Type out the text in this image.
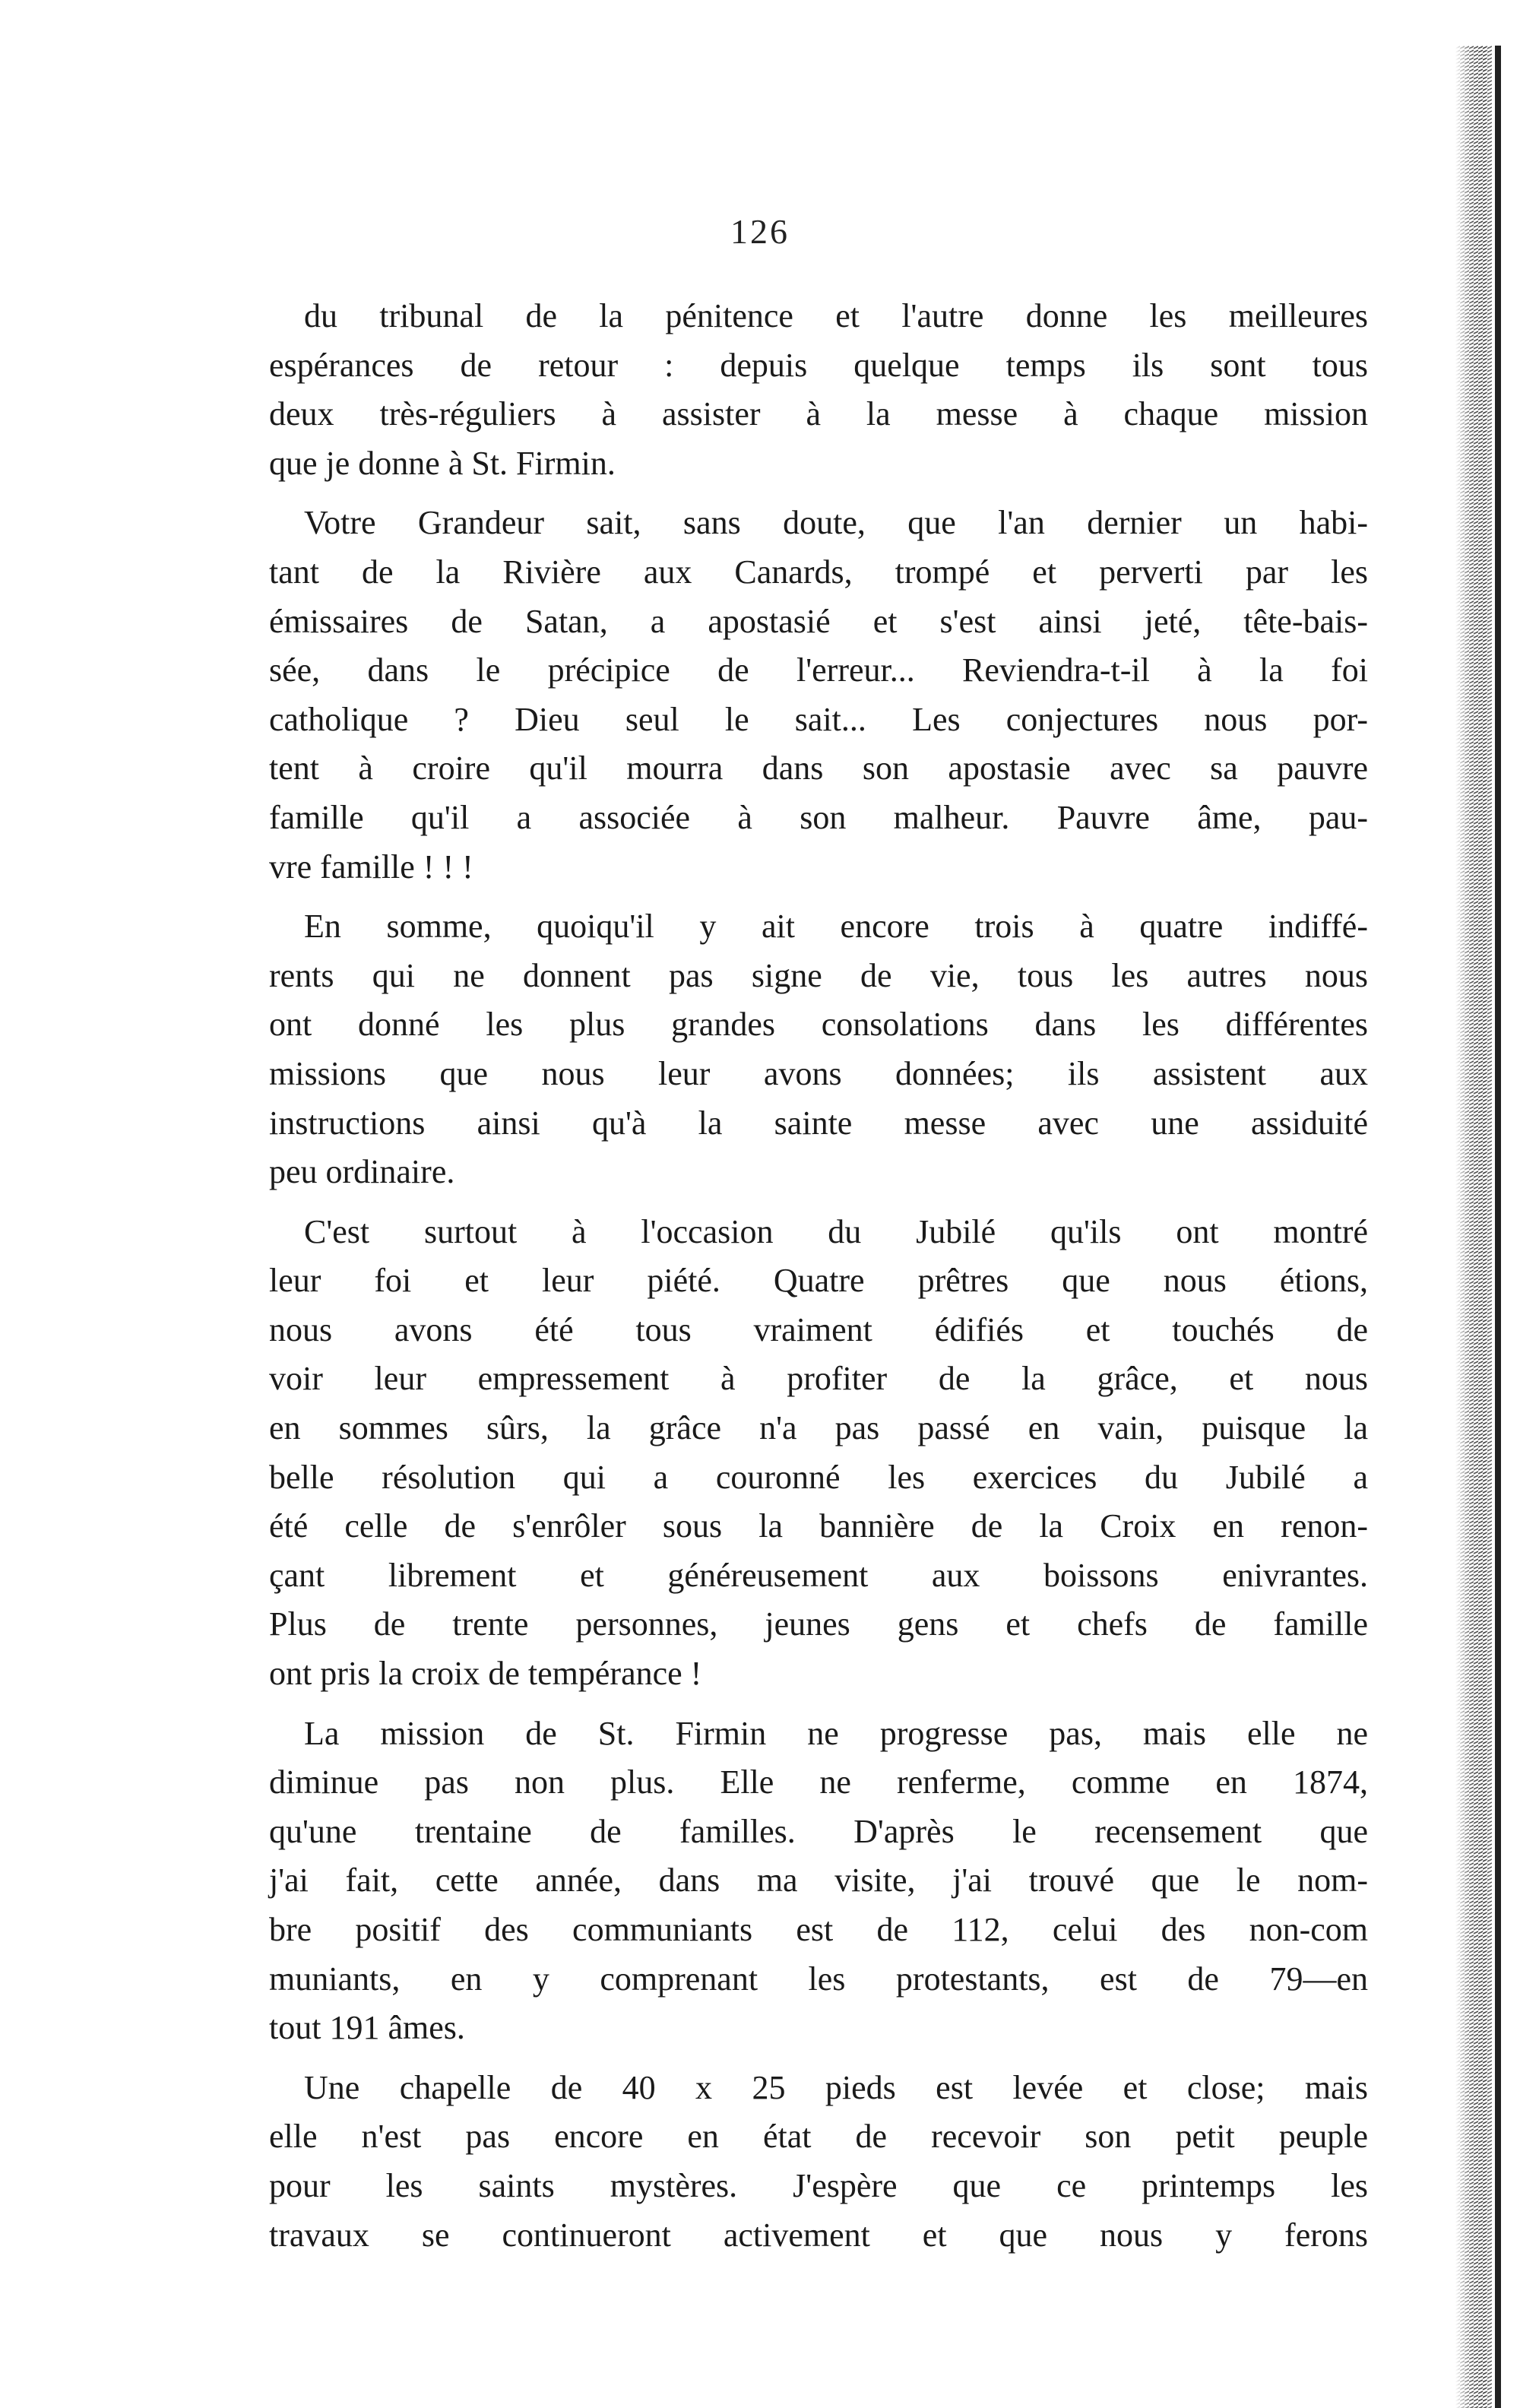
126
du tribunal de la pénitence et l'autre donne les meilleures
espérances de retour : depuis quelque temps ils sont tous
deux très-réguliers à assister à la messe à chaque mission
que je donne à St. Firmin.
Votre Grandeur sait, sans doute, que l'an dernier un habi-
tant de la Rivière aux Canards, trompé et perverti par les
émissaires de Satan, a apostasié et s'est ainsi jeté, tête-bais-
sée, dans le précipice de l'erreur... Reviendra-t-il à la foi
catholique ? Dieu seul le sait... Les conjectures nous por-
tent à croire qu'il mourra dans son apostasie avec sa pauvre
famille qu'il a associée à son malheur. Pauvre âme, pau-
vre famille ! ! !
En somme, quoiqu'il y ait encore trois à quatre indiffé-
rents qui ne donnent pas signe de vie, tous les autres nous
ont donné les plus grandes consolations dans les différentes
missions que nous leur avons données; ils assistent aux
instructions ainsi qu'à la sainte messe avec une assiduité
peu ordinaire.
C'est surtout à l'occasion du Jubilé qu'ils ont montré
leur foi et leur piété. Quatre prêtres que nous étions,
nous avons été tous vraiment édifiés et touchés de
voir leur empressement à profiter de la grâce, et nous
en sommes sûrs, la grâce n'a pas passé en vain, puisque la
belle résolution qui a couronné les exercices du Jubilé a
été celle de s'enrôler sous la bannière de la Croix en renon-
çant librement et généreusement aux boissons enivrantes.
Plus de trente personnes, jeunes gens et chefs de famille
ont pris la croix de tempérance !
La mission de St. Firmin ne progresse pas, mais elle ne
diminue pas non plus. Elle ne renferme, comme en 1874,
qu'une trentaine de familles. D'après le recensement que
j'ai fait, cette année, dans ma visite, j'ai trouvé que le nom-
bre positif des communiants est de 112, celui des non-com
muniants, en y comprenant les protestants, est de 79—en
tout 191 âmes.
Une chapelle de 40 x 25 pieds est levée et close; mais
elle n'est pas encore en état de recevoir son petit peuple
pour les saints mystères. J'espère que ce printemps les
travaux se continueront activement et que nous y ferons
